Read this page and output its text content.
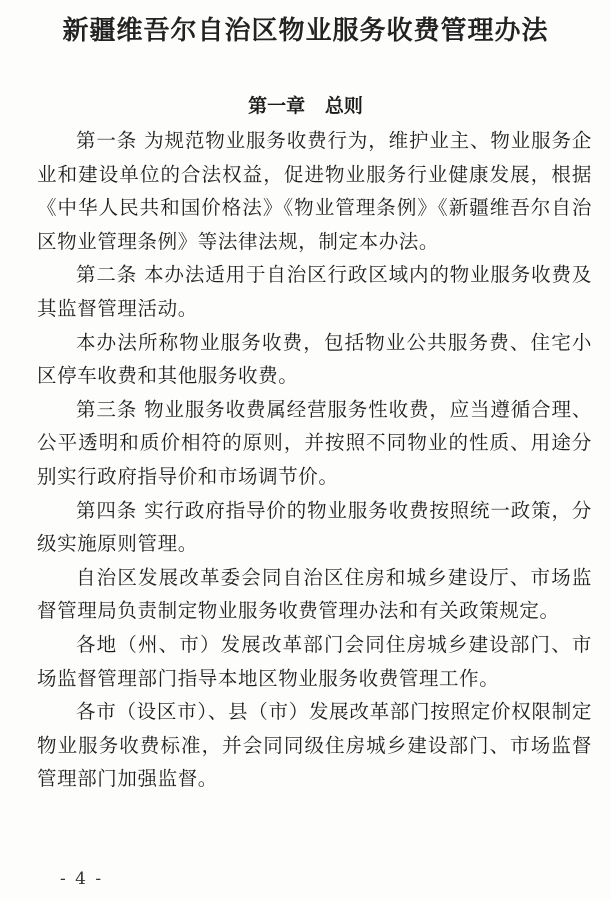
新疆维吾尔自治区物业服务收费管理办法
第一章   总则

第一条 为规范物业服务收费行为，维护业主、物业服务企业和建设单位的合法权益，促进物业服务行业健康发展，根据《中华人民共和国价格法》《物业管理条例》《新疆维吾尔自治区物业管理条例》等法律法规，制定本办法。

第二条 本办法适用于自治区行政区域内的物业服务收费及其监督管理活动。

本办法所称物业服务收费，包括物业公共服务费、住宅小区停车收费和其他服务收费。

第三条 物业服务收费属经营服务性收费，应当遵循合理、公平透明和质价相符的原则，并按照不同物业的性质、用途分别实行政府指导价和市场调节价。

第四条 实行政府指导价的物业服务收费按照统一政策，分级实施原则管理。

自治区发展改革委会同自治区住房和城乡建设厅、市场监督管理局负责制定物业服务收费管理办法和有关政策规定。

各地（州、市）发展改革部门会同住房城乡建设部门、市场监督管理部门指导本地区物业服务收费管理工作。

各市（设区市）、县（市）发展改革部门按照定价权限制定物业服务收费标准，并会同同级住房城乡建设部门、市场监督管理部门加强监督。

- 4 -
